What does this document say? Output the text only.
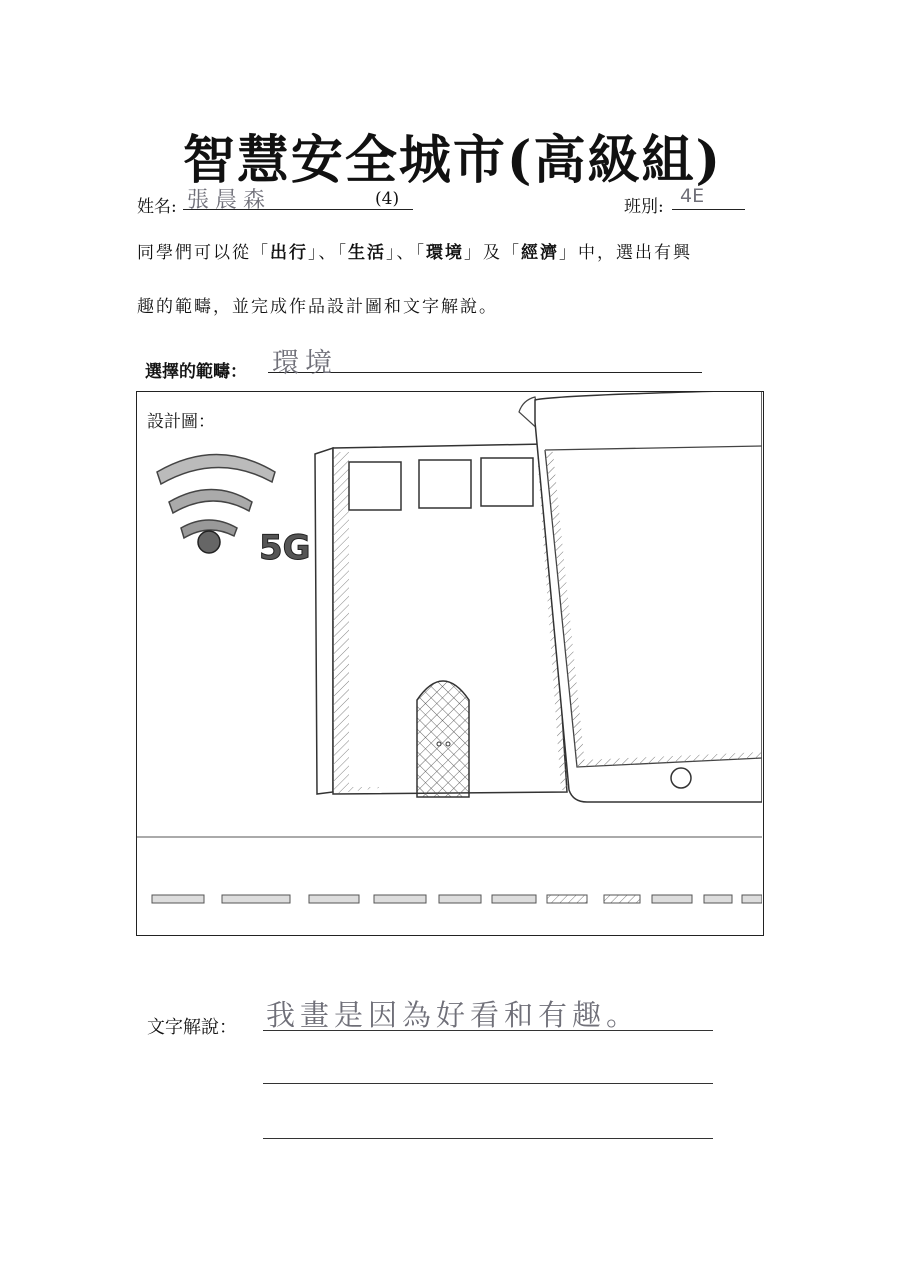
智慧安全城市(高級組)
姓名: 張晨森	(4)	班別: 4E
同學們可以從「出行」、「生活」、「環境」及「經濟」中，選出有興
趣的範疇，並完成作品設計圖和文字解說。
選擇的範疇： 環境
設計圖：
5G
文字解說： 我畫是因為好看和有趣。
